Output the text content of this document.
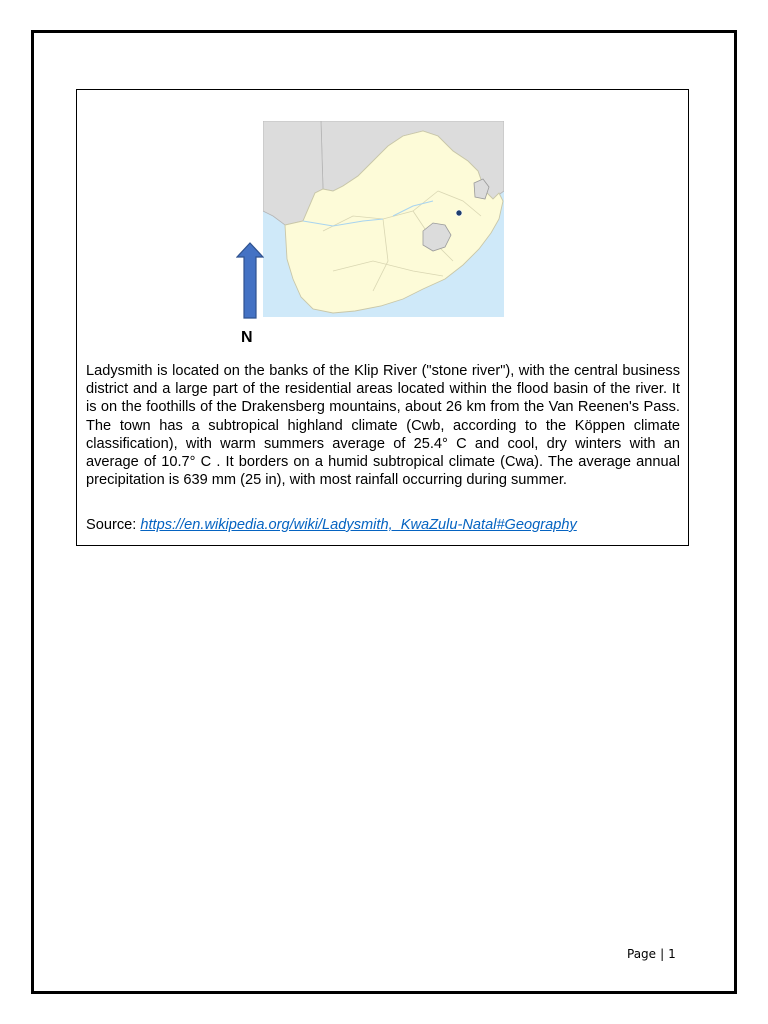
N

Ladysmith is located on the banks of the Klip River ("stone river"), with the central business district and a large part of the residential areas located within the flood basin of the river. It is on the foothills of the Drakensberg mountains, about 26 km from the Van Reenen's Pass. The town has a subtropical highland climate (Cwb, according to the Köppen climate classification), with warm summers average of 25.4° C and cool, dry winters with an average of 10.7° C . It borders on a humid subtropical climate (Cwa). The average annual precipitation is 639 mm (25 in), with most rainfall occurring during summer.

Source: https://en.wikipedia.org/wiki/Ladysmith,_KwaZulu-Natal#Geography

Page | 1
